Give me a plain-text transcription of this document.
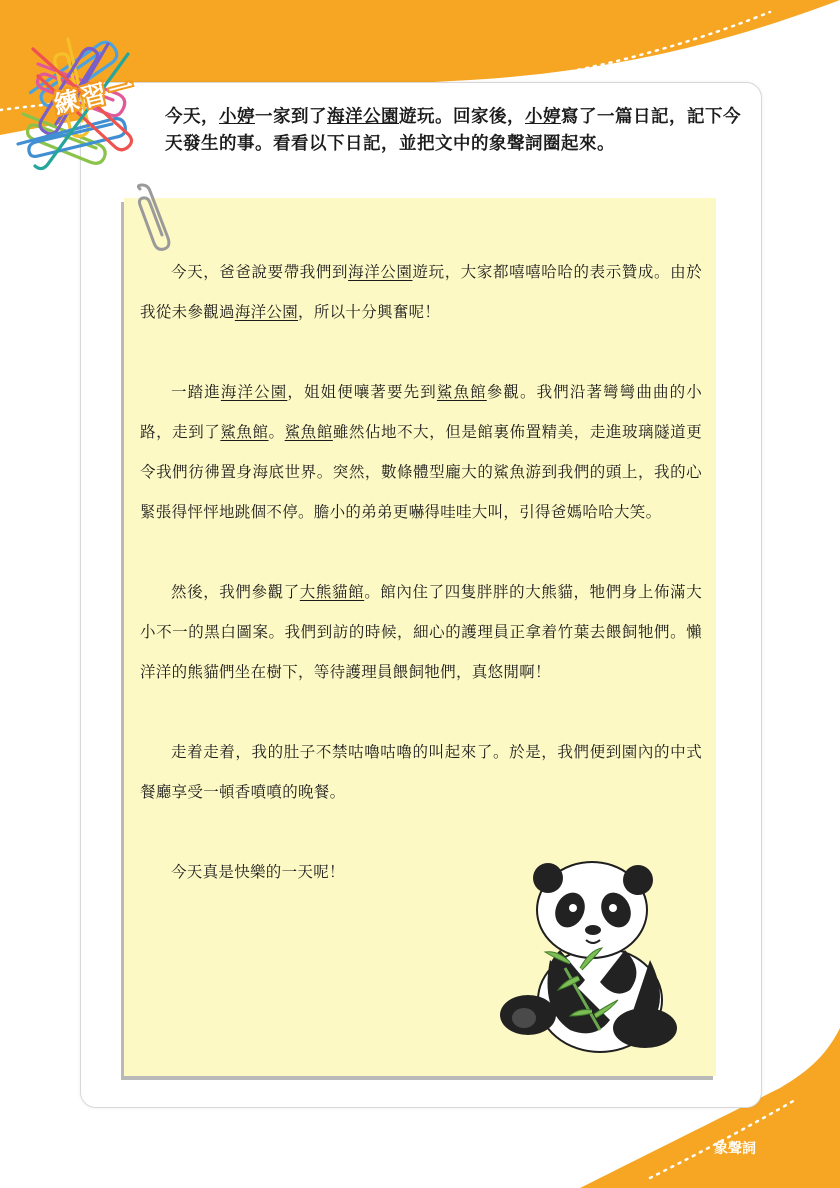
練習一	今天，小婷一家到了海洋公園遊玩。回家後，小婷寫了一篇日記，記下今天發生的事。看看以下日記，並把文中的象聲詞圈起來。

今天，爸爸說要帶我們到海洋公園遊玩，大家都嘻嘻哈哈的表示贊成。由於我從未參觀過海洋公園，所以十分興奮呢！

一踏進海洋公園，姐姐便嚷著要先到鯊魚館參觀。我們沿著彎彎曲曲的小路，走到了鯊魚館。鯊魚館雖然佔地不大，但是館裏佈置精美，走進玻璃隧道更令我們彷彿置身海底世界。突然，數條體型龐大的鯊魚游到我們的頭上，我的心緊張得怦怦地跳個不停。膽小的弟弟更嚇得哇哇大叫，引得爸媽哈哈大笑。

然後，我們參觀了大熊貓館。館內住了四隻胖胖的大熊貓，牠們身上佈滿大小不一的黑白圖案。我們到訪的時候，細心的護理員正拿着竹葉去餵飼牠們。懶洋洋的熊貓們坐在樹下，等待護理員餵飼牠們，真悠閒啊！

走着走着，我的肚子不禁咕嚕咕嚕的叫起來了。於是，我們便到園內的中式餐廳享受一頓香噴噴的晚餐。

今天真是快樂的一天呢！

象聲詞
